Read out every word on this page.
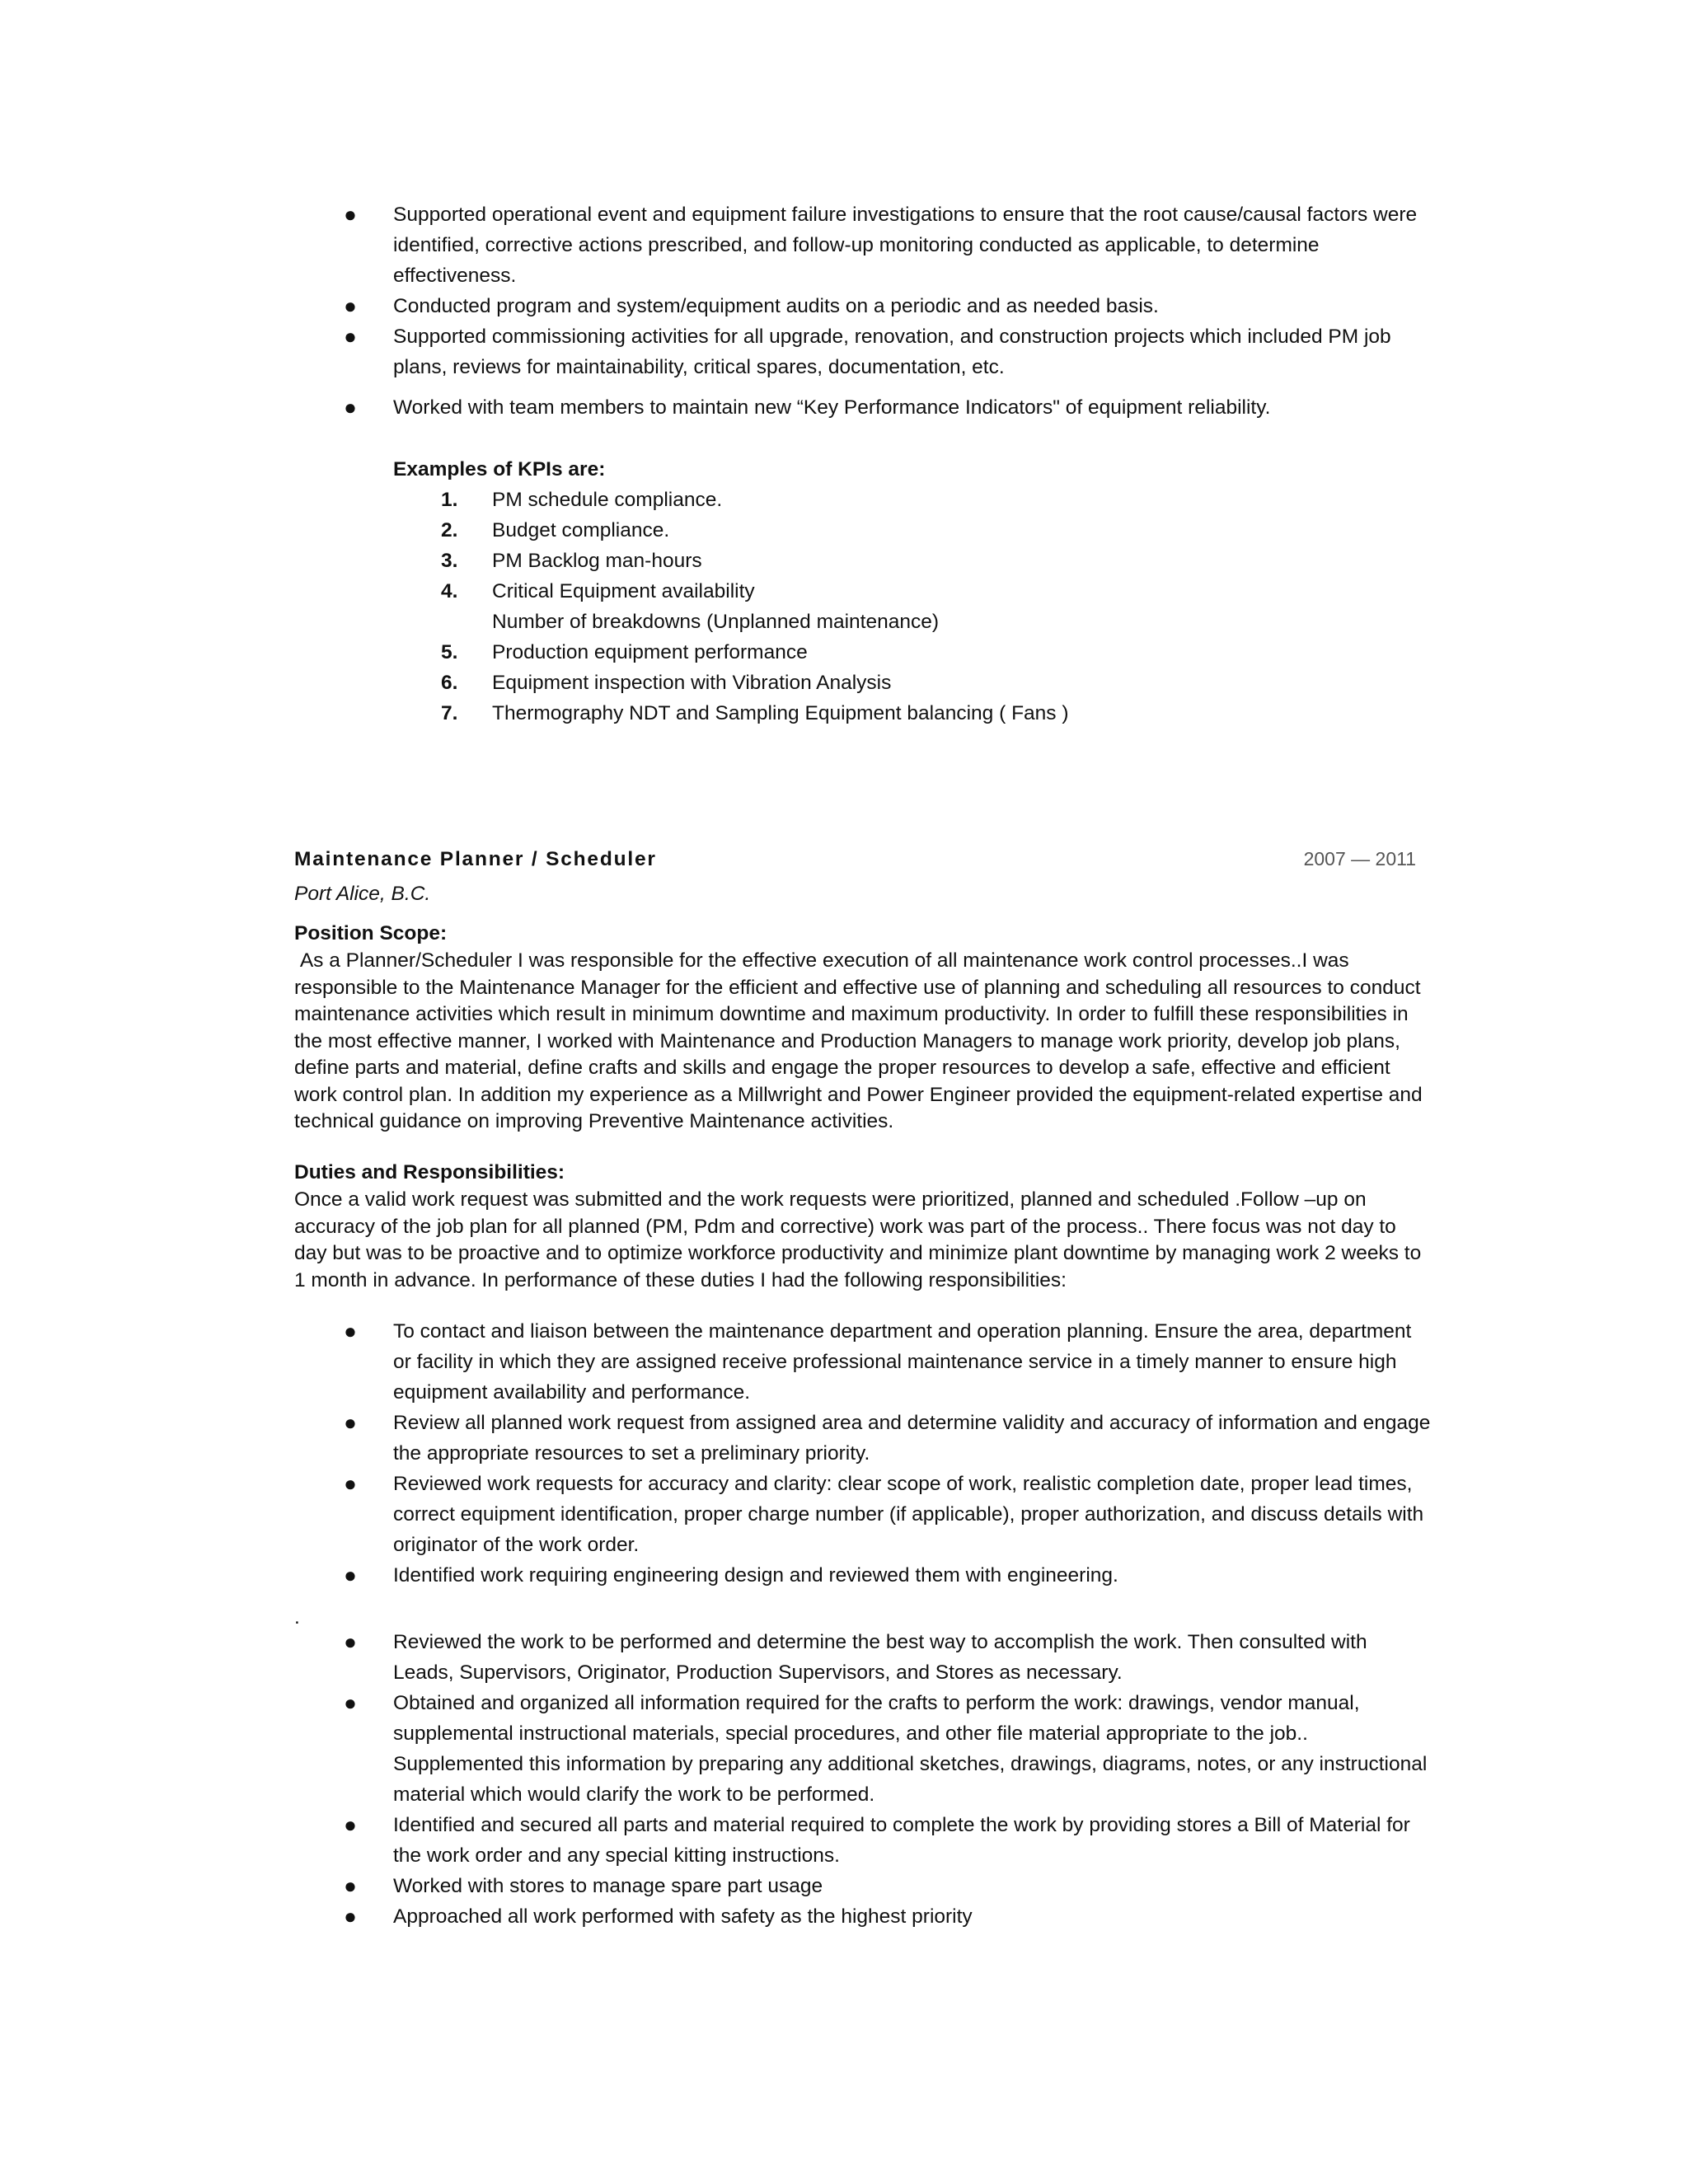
● Supported operational event and equipment failure investigations to ensure that the root cause/causal factors were identified, corrective actions prescribed, and follow-up monitoring conducted as applicable, to determine effectiveness.
● Conducted program and system/equipment audits on a periodic and as needed basis.
● Supported commissioning activities for all upgrade, renovation, and construction projects which included PM job plans, reviews for maintainability, critical spares, documentation, etc.
● Worked with team members to maintain new “Key Performance Indicators" of equipment reliability.
Examples of KPIs are:
1. PM schedule compliance.
2. Budget compliance.
3. PM Backlog man-hours
4. Critical Equipment availability
Number of breakdowns (Unplanned maintenance)
5. Production equipment performance
6. Equipment inspection with Vibration Analysis
7. Thermography NDT and Sampling Equipment balancing ( Fans )
Maintenance Planner / Scheduler	2007 — 2011
Port Alice, B.C.
Position Scope:

As a Planner/Scheduler I was responsible for the effective execution of all maintenance work control processes..I was responsible to the Maintenance Manager for the efficient and effective use of planning and scheduling all resources to conduct maintenance activities which result in minimum downtime and maximum productivity. In order to fulfill these responsibilities in the most effective manner, I worked with Maintenance and Production Managers to manage work priority, develop job plans, define parts and material, define crafts and skills and engage the proper resources to develop a safe, effective and efficient work control plan. In addition my experience as a Millwright and Power Engineer provided the equipment-related expertise and technical guidance on improving Preventive Maintenance activities.

Duties and Responsibilities:

Once a valid work request was submitted and the work requests were prioritized, planned and scheduled .Follow –up on accuracy of the job plan for all planned (PM, Pdm and corrective) work was part of the process.. There focus was not day to day but was to be proactive and to optimize workforce productivity and minimize plant downtime by managing work 2 weeks to 1 month in advance. In performance of these duties I had the following responsibilities:

● To contact and liaison between the maintenance department and operation planning. Ensure the area, department or facility in which they are assigned receive professional maintenance service in a timely manner to ensure high equipment availability and performance.
● Review all planned work request from assigned area and determine validity and accuracy of information and engage the appropriate resources to set a preliminary priority.
● Reviewed work requests for accuracy and clarity: clear scope of work, realistic completion date, proper lead times, correct equipment identification, proper charge number (if applicable), proper authorization, and discuss details with originator of the work order.
● Identified work requiring engineering design and reviewed them with engineering.
.
● Reviewed the work to be performed and determine the best way to accomplish the work. Then consulted with Leads, Supervisors, Originator, Production Supervisors, and Stores as necessary.
● Obtained and organized all information required for the crafts to perform the work: drawings, vendor manual, supplemental instructional materials, special procedures, and other file material appropriate to the job.. Supplemented this information by preparing any additional sketches, drawings, diagrams, notes, or any instructional material which would clarify the work to be performed.
● Identified and secured all parts and material required to complete the work by providing stores a Bill of Material for the work order and any special kitting instructions.
● Worked with stores to manage spare part usage
● Approached all work performed with safety as the highest priority
